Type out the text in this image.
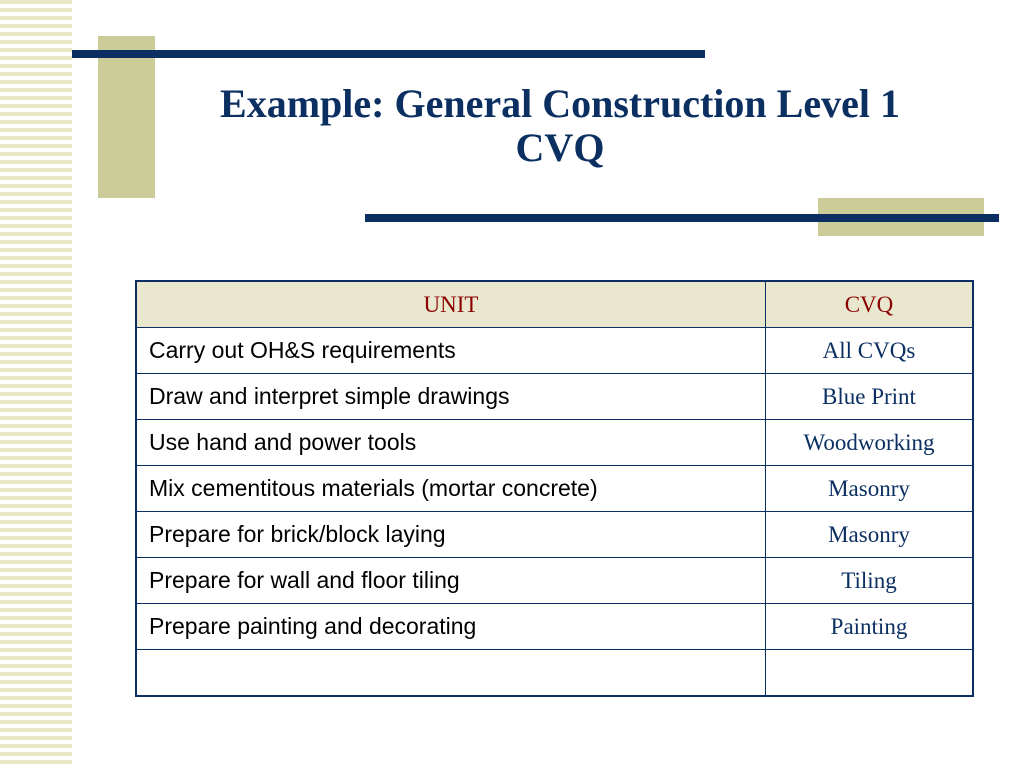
Example: General Construction Level 1
CVQ
UNIT	CVQ
Carry out OH&S requirements	All CVQs
Draw and interpret simple drawings	Blue Print
Use hand and power tools	Woodworking
Mix cementitous materials (mortar concrete)	Masonry
Prepare for brick/block laying	Masonry
Prepare for wall and floor tiling	Tiling
Prepare painting and decorating	Painting
